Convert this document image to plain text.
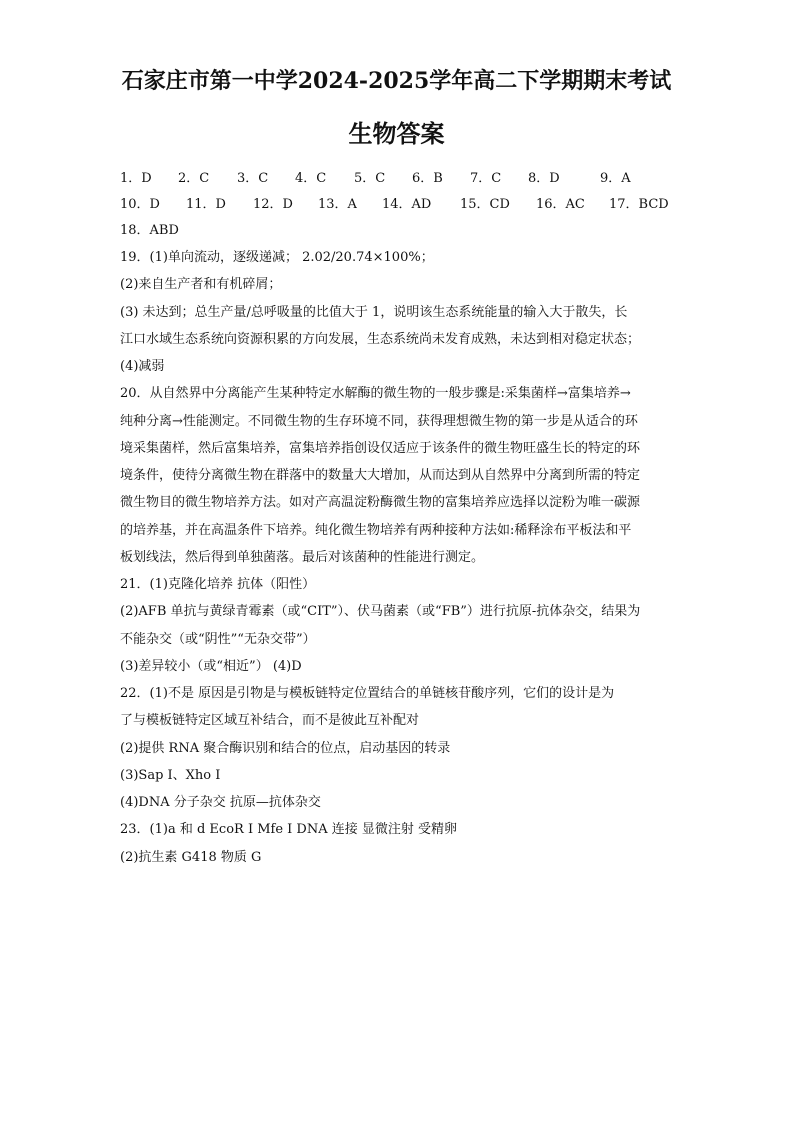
石家庄市第一中学2024-2025学年高二下学期期末考试
生物答案
1．D 2．C 3．C 4．C 5．C 6．B 7．C 8．D	9．A
10．D 11．D 12．D 13．A 14．AD 15．CD 16．AC 17．BCD
18．ABD
19．(1)单向流动，逐级递减； 2.02/20.74×100%；
(2)来自生产者和有机碎屑；
(3) 未达到；总生产量/总呼吸量的比值大于 1，说明该生态系统能量的输入大于散失，长
江口水域生态系统向资源积累的方向发展，生态系统尚未发育成熟，未达到相对稳定状态；
(4)减弱
20．从自然界中分离能产生某种特定水解酶的微生物的一般步骤是:采集菌样→富集培养→
纯种分离→性能测定。不同微生物的生存环境不同，获得理想微生物的第一步是从适合的环
境采集菌样，然后富集培养，富集培养指创设仅适应于该条件的微生物旺盛生长的特定的环
境条件，使待分离微生物在群落中的数量大大增加，从而达到从自然界中分离到所需的特定
微生物目的微生物培养方法。如对产高温淀粉酶微生物的富集培养应选择以淀粉为唯一碳源
的培养基，并在高温条件下培养。纯化微生物培养有两种接种方法如:稀释涂布平板法和平
板划线法，然后得到单独菌落。最后对该菌种的性能进行测定。
21．(1)克隆化培养 抗体（阳性）
(2)AFB 单抗与黄绿青霉素（或“CIT”）、伏马菌素（或“FB”）进行抗原-抗体杂交，结果为
不能杂交（或“阴性”“无杂交带”）
(3)差异较小（或“相近”） (4)D
22．(1)不是 原因是引物是与模板链特定位置结合的单链核苷酸序列，它们的设计是为
了与模板链特定区域互补结合，而不是彼此互补配对
(2)提供 RNA 聚合酶识别和结合的位点，启动基因的转录
(3)Sap I、Xho I
(4)DNA 分子杂交 抗原—抗体杂交
23．(1)a 和 d EcoR I Mfe I DNA 连接 显微注射 受精卵
(2)抗生素 G418 物质 G
